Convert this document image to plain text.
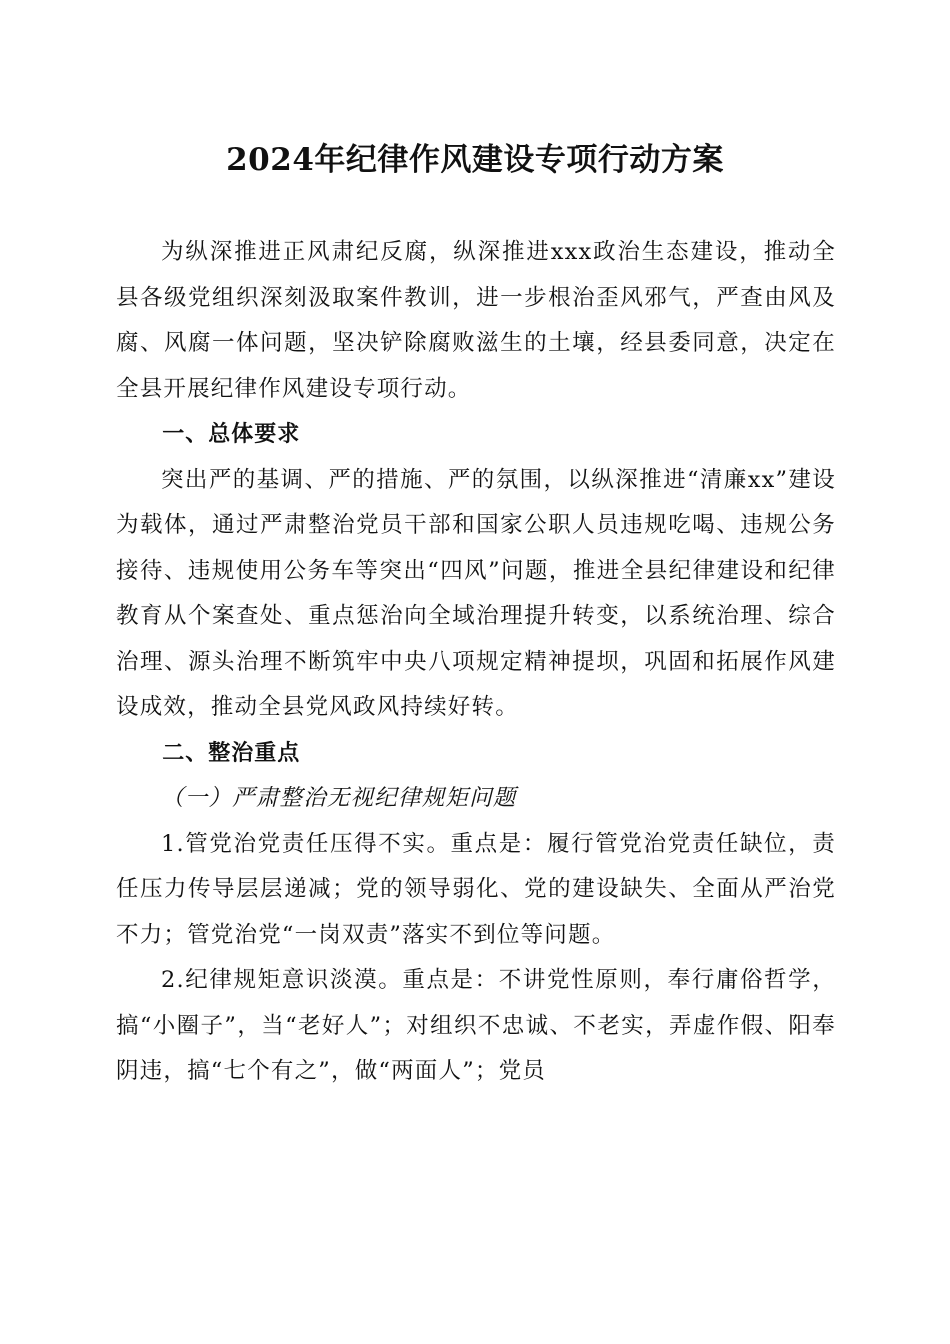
2024年纪律作风建设专项行动方案

为纵深推进正风肃纪反腐，纵深推进xxx政治生态建设，推动全县各级党组织深刻汲取案件教训，进一步根治歪风邪气，严查由风及腐、风腐一体问题，坚决铲除腐败滋生的土壤，经县委同意，决定在全县开展纪律作风建设专项行动。

一、总体要求

突出严的基调、严的措施、严的氛围，以纵深推进“清廉xx”建设为载体，通过严肃整治党员干部和国家公职人员违规吃喝、违规公务接待、违规使用公务车等突出“四风”问题，推进全县纪律建设和纪律教育从个案查处、重点惩治向全域治理提升转变，以系统治理、综合治理、源头治理不断筑牢中央八项规定精神提坝，巩固和拓展作风建设成效，推动全县党风政风持续好转。

二、整治重点

（一）严肃整治无视纪律规矩问题

1.管党治党责任压得不实。重点是：履行管党治党责任缺位，责任压力传导层层递减；党的领导弱化、党的建设缺失、全面从严治党不力；管党治党“一岗双责”落实不到位等问题。

2.纪律规矩意识淡漠。重点是：不讲党性原则，奉行庸俗哲学，搞“小圈子”，当“老好人”；对组织不忠诚、不老实，弄虚作假、阳奉阴违，搞“七个有之”，做“两面人”；党员
